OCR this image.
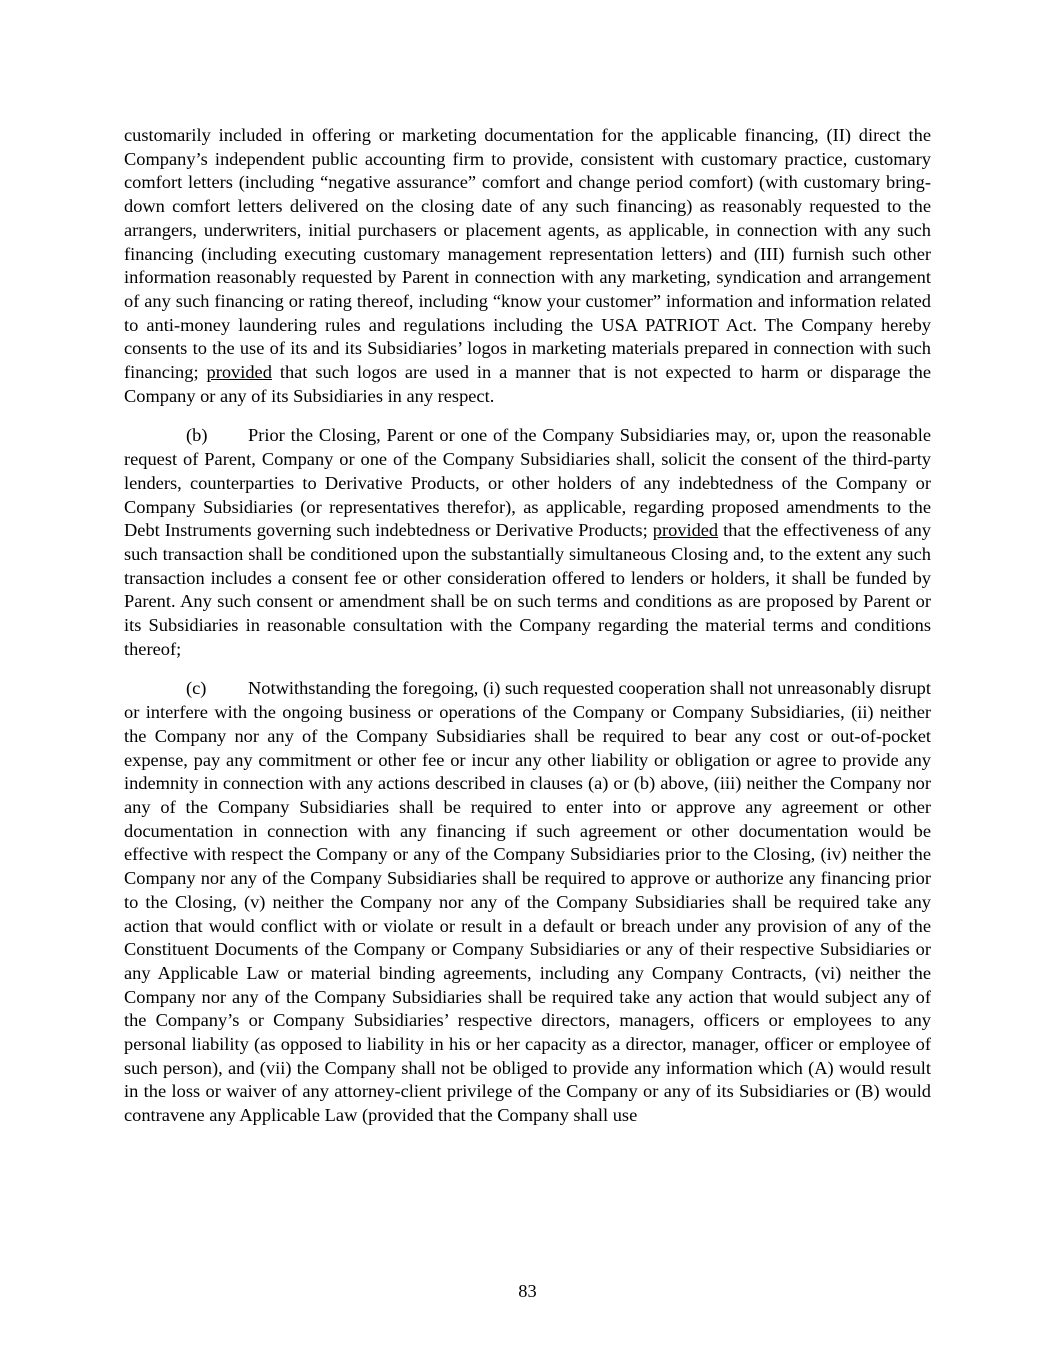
customarily included in offering or marketing documentation for the applicable financing, (II) direct the Company’s independent public accounting firm to provide, consistent with customary practice, customary comfort letters (including “negative assurance” comfort and change period comfort) (with customary bring-down comfort letters delivered on the closing date of any such financing) as reasonably requested to the arrangers, underwriters, initial purchasers or placement agents, as applicable, in connection with any such financing (including executing customary management representation letters) and (III) furnish such other information reasonably requested by Parent in connection with any marketing, syndication and arrangement of any such financing or rating thereof, including “know your customer” information and information related to anti-money laundering rules and regulations including the USA PATRIOT Act. The Company hereby consents to the use of its and its Subsidiaries’ logos in marketing materials prepared in connection with such financing; provided that such logos are used in a manner that is not expected to harm or disparage the Company or any of its Subsidiaries in any respect.

(b) Prior the Closing, Parent or one of the Company Subsidiaries may, or, upon the reasonable request of Parent, Company or one of the Company Subsidiaries shall, solicit the consent of the third-party lenders, counterparties to Derivative Products, or other holders of any indebtedness of the Company or Company Subsidiaries (or representatives therefor), as applicable, regarding proposed amendments to the Debt Instruments governing such indebtedness or Derivative Products; provided that the effectiveness of any such transaction shall be conditioned upon the substantially simultaneous Closing and, to the extent any such transaction includes a consent fee or other consideration offered to lenders or holders, it shall be funded by Parent. Any such consent or amendment shall be on such terms and conditions as are proposed by Parent or its Subsidiaries in reasonable consultation with the Company regarding the material terms and conditions thereof;

(c) Notwithstanding the foregoing, (i) such requested cooperation shall not unreasonably disrupt or interfere with the ongoing business or operations of the Company or Company Subsidiaries, (ii) neither the Company nor any of the Company Subsidiaries shall be required to bear any cost or out-of-pocket expense, pay any commitment or other fee or incur any other liability or obligation or agree to provide any indemnity in connection with any actions described in clauses (a) or (b) above, (iii) neither the Company nor any of the Company Subsidiaries shall be required to enter into or approve any agreement or other documentation in connection with any financing if such agreement or other documentation would be effective with respect the Company or any of the Company Subsidiaries prior to the Closing, (iv) neither the Company nor any of the Company Subsidiaries shall be required to approve or authorize any financing prior to the Closing, (v) neither the Company nor any of the Company Subsidiaries shall be required take any action that would conflict with or violate or result in a default or breach under any provision of any of the Constituent Documents of the Company or Company Subsidiaries or any of their respective Subsidiaries or any Applicable Law or material binding agreements, including any Company Contracts, (vi) neither the Company nor any of the Company Subsidiaries shall be required take any action that would subject any of the Company’s or Company Subsidiaries’ respective directors, managers, officers or employees to any personal liability (as opposed to liability in his or her capacity as a director, manager, officer or employee of such person), and (vii) the Company shall not be obliged to provide any information which (A) would result in the loss or waiver of any attorney-client privilege of the Company or any of its Subsidiaries or (B) would contravene any Applicable Law (provided that the Company shall use

83
